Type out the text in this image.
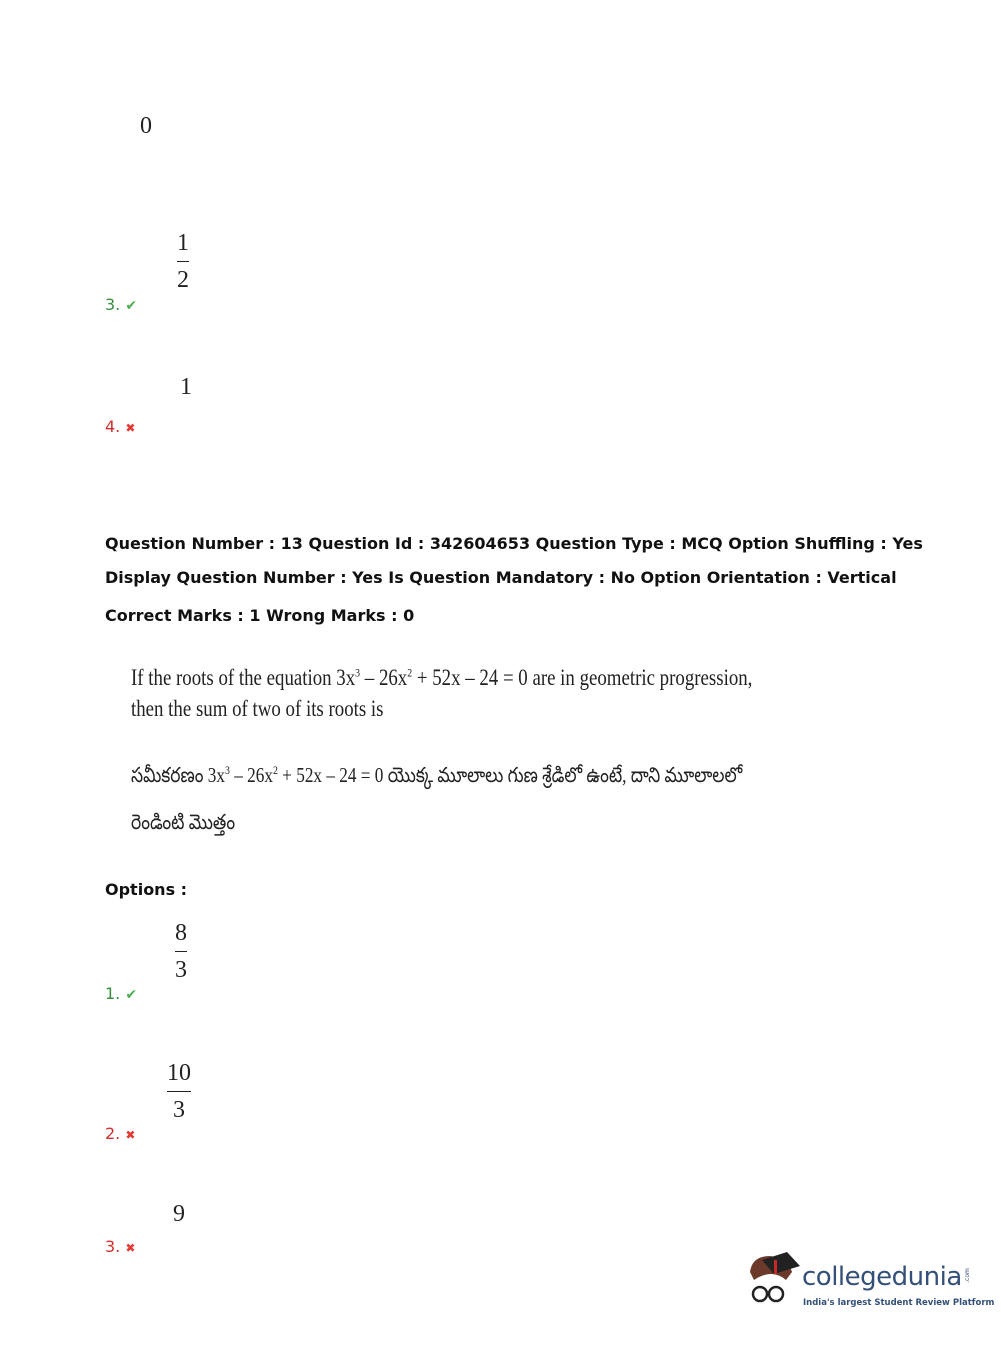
0
1
2
3. ✔
1
4. ✖
Question Number : 13 Question Id : 342604653 Question Type : MCQ Option Shuffling : Yes
Display Question Number : Yes Is Question Mandatory : No Option Orientation : Vertical
Correct Marks : 1 Wrong Marks : 0
If the roots of the equation $3x^3 - 26x^2 + 52x - 24 = 0$ are in geometric progression,
then the sum of two of its roots is
సమీకరణం $3x^3 - 26x^2 + 52x - 24 = 0$ యొక్క మూలాలు గుణ శ్రేడిలో ఉంటే, దాని మూలాలలో
రెండింటి మొత్తం
Options :
8
3
1. ✔
10
3
2. ✖
9
3. ✖
collegedunia .com
India's largest Student Review Platform
